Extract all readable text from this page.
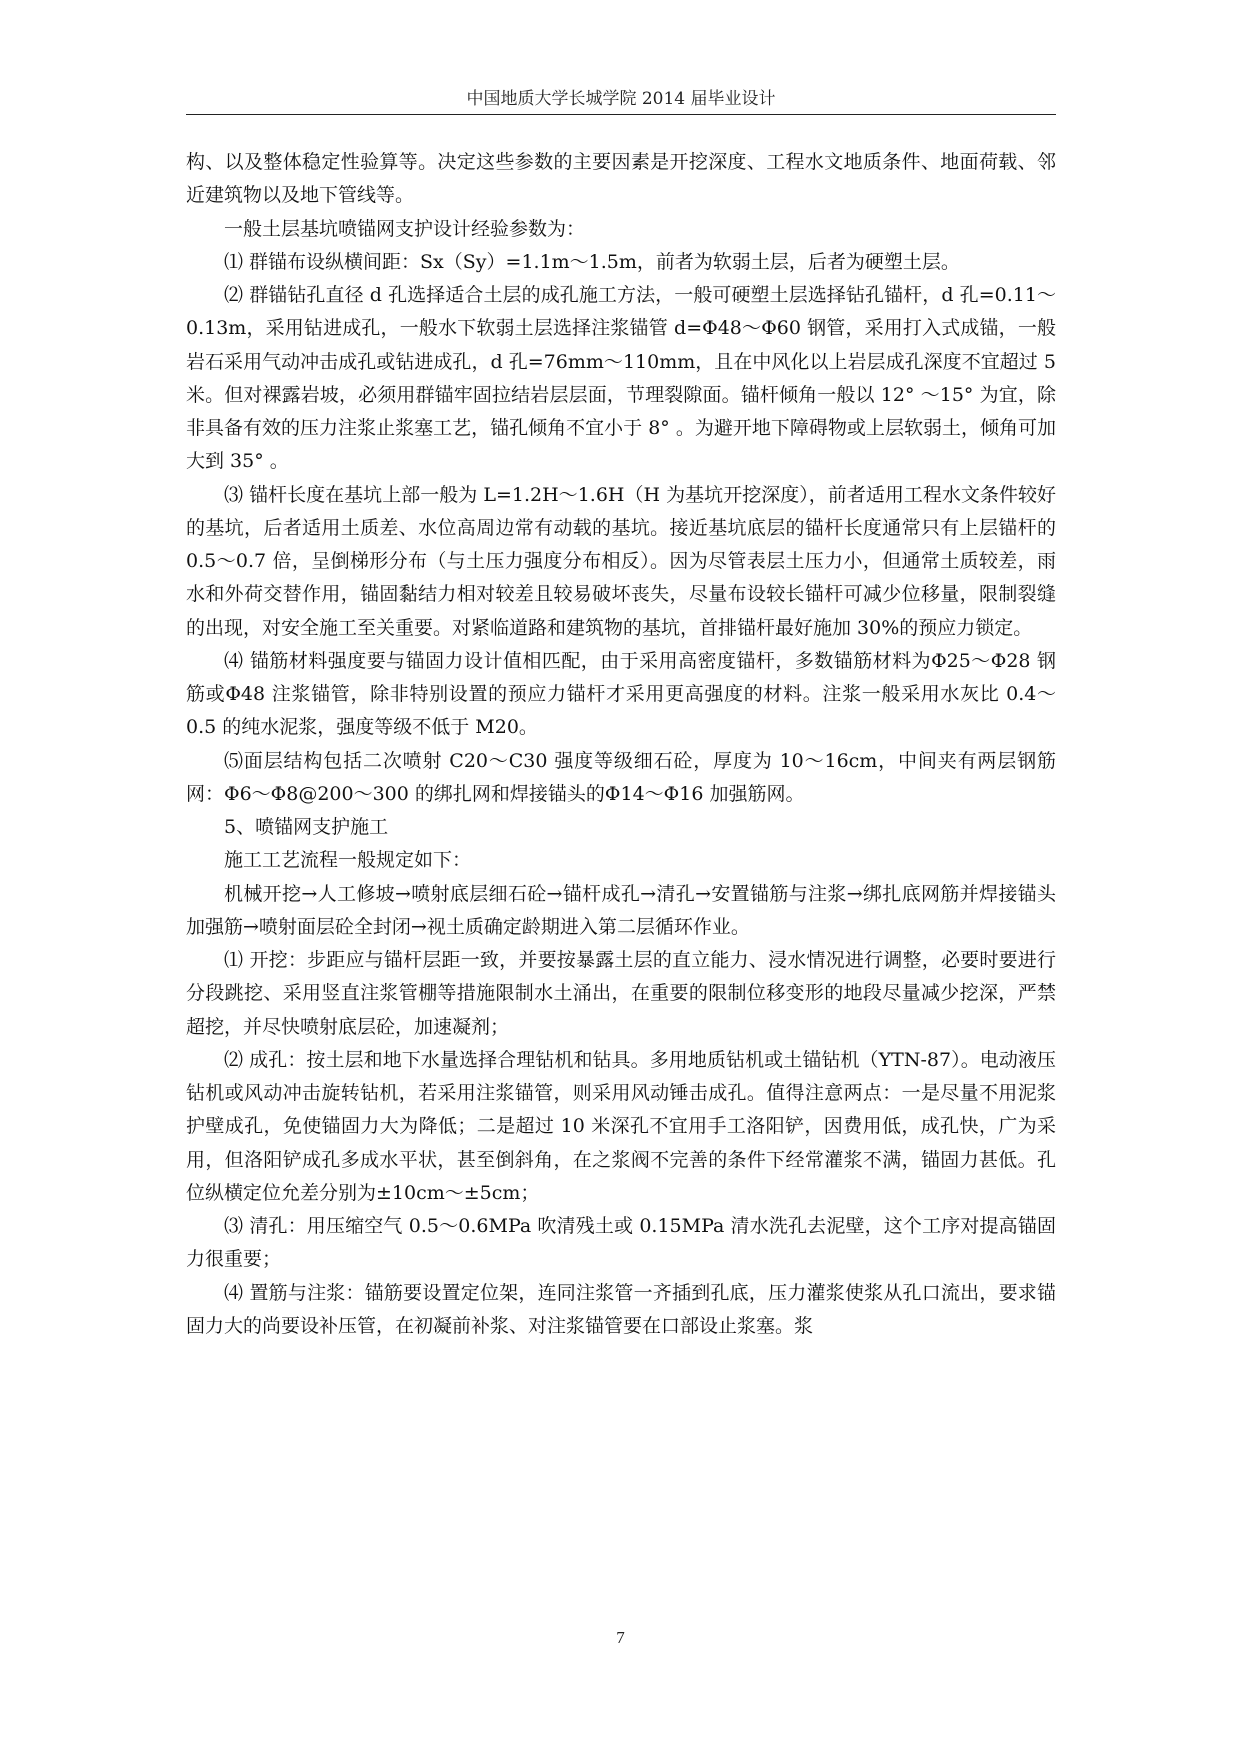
中国地质大学长城学院 2014 届毕业设计

构、以及整体稳定性验算等。决定这些参数的主要因素是开挖深度、工程水文地质条件、地面荷载、邻近建筑物以及地下管线等。

一般土层基坑喷锚网支护设计经验参数为：

⑴ 群锚布设纵横间距：Sx（Sy）=1.1m～1.5m，前者为软弱土层，后者为硬塑土层。

⑵ 群锚钻孔直径 d 孔选择适合土层的成孔施工方法，一般可硬塑土层选择钻孔锚杆，d 孔=0.11～0.13m，采用钻进成孔，一般水下软弱土层选择注浆锚管 d=Φ48～Φ60 钢管，采用打入式成锚，一般岩石采用气动冲击成孔或钻进成孔，d 孔=76mm～110mm，且在中风化以上岩层成孔深度不宜超过 5 米。但对裸露岩坡，必须用群锚牢固拉结岩层层面，节理裂隙面。锚杆倾角一般以 12° ～15° 为宜，除非具备有效的压力注浆止浆塞工艺，锚孔倾角不宜小于 8° 。为避开地下障碍物或上层软弱土，倾角可加大到 35° 。

⑶ 锚杆长度在基坑上部一般为 L=1.2H～1.6H（H 为基坑开挖深度），前者适用工程水文条件较好的基坑，后者适用土质差、水位高周边常有动载的基坑。接近基坑底层的锚杆长度通常只有上层锚杆的 0.5～0.7 倍，呈倒梯形分布（与土压力强度分布相反）。因为尽管表层土压力小，但通常土质较差，雨水和外荷交替作用，锚固黏结力相对较差且较易破坏丧失，尽量布设较长锚杆可减少位移量，限制裂缝的出现，对安全施工至关重要。对紧临道路和建筑物的基坑，首排锚杆最好施加 30%的预应力锁定。

⑷ 锚筋材料强度要与锚固力设计值相匹配，由于采用高密度锚杆，多数锚筋材料为Φ25～Φ28 钢筋或Φ48 注浆锚管，除非特别设置的预应力锚杆才采用更高强度的材料。注浆一般采用水灰比 0.4～0.5 的纯水泥浆，强度等级不低于 M20。

⑸面层结构包括二次喷射 C20～C30 强度等级细石砼，厚度为 10～16cm，中间夹有两层钢筋网：Φ6～Φ8@200～300 的绑扎网和焊接锚头的Φ14～Φ16 加强筋网。

5、喷锚网支护施工

施工工艺流程一般规定如下：

机械开挖→人工修坡→喷射底层细石砼→锚杆成孔→清孔→安置锚筋与注浆→绑扎底网筋并焊接锚头加强筋→喷射面层砼全封闭→视土质确定龄期进入第二层循环作业。

⑴ 开挖：步距应与锚杆层距一致，并要按暴露土层的直立能力、浸水情况进行调整，必要时要进行分段跳挖、采用竖直注浆管棚等措施限制水土涌出，在重要的限制位移变形的地段尽量减少挖深，严禁超挖，并尽快喷射底层砼，加速凝剂；

⑵ 成孔：按土层和地下水量选择合理钻机和钻具。多用地质钻机或土锚钻机（YTN-87）。电动液压钻机或风动冲击旋转钻机，若采用注浆锚管，则采用风动锤击成孔。值得注意两点：一是尽量不用泥浆护壁成孔，免使锚固力大为降低；二是超过 10 米深孔不宜用手工洛阳铲，因费用低，成孔快，广为采用，但洛阳铲成孔多成水平状，甚至倒斜角，在之浆阀不完善的条件下经常灌浆不满，锚固力甚低。孔位纵横定位允差分别为±10cm～±5cm；

⑶ 清孔：用压缩空气 0.5～0.6MPa 吹清残土或 0.15MPa 清水洗孔去泥壁，这个工序对提高锚固力很重要；

⑷ 置筋与注浆：锚筋要设置定位架，连同注浆管一齐插到孔底，压力灌浆使浆从孔口流出，要求锚固力大的尚要设补压管，在初凝前补浆、对注浆锚管要在口部设止浆塞。浆

7
